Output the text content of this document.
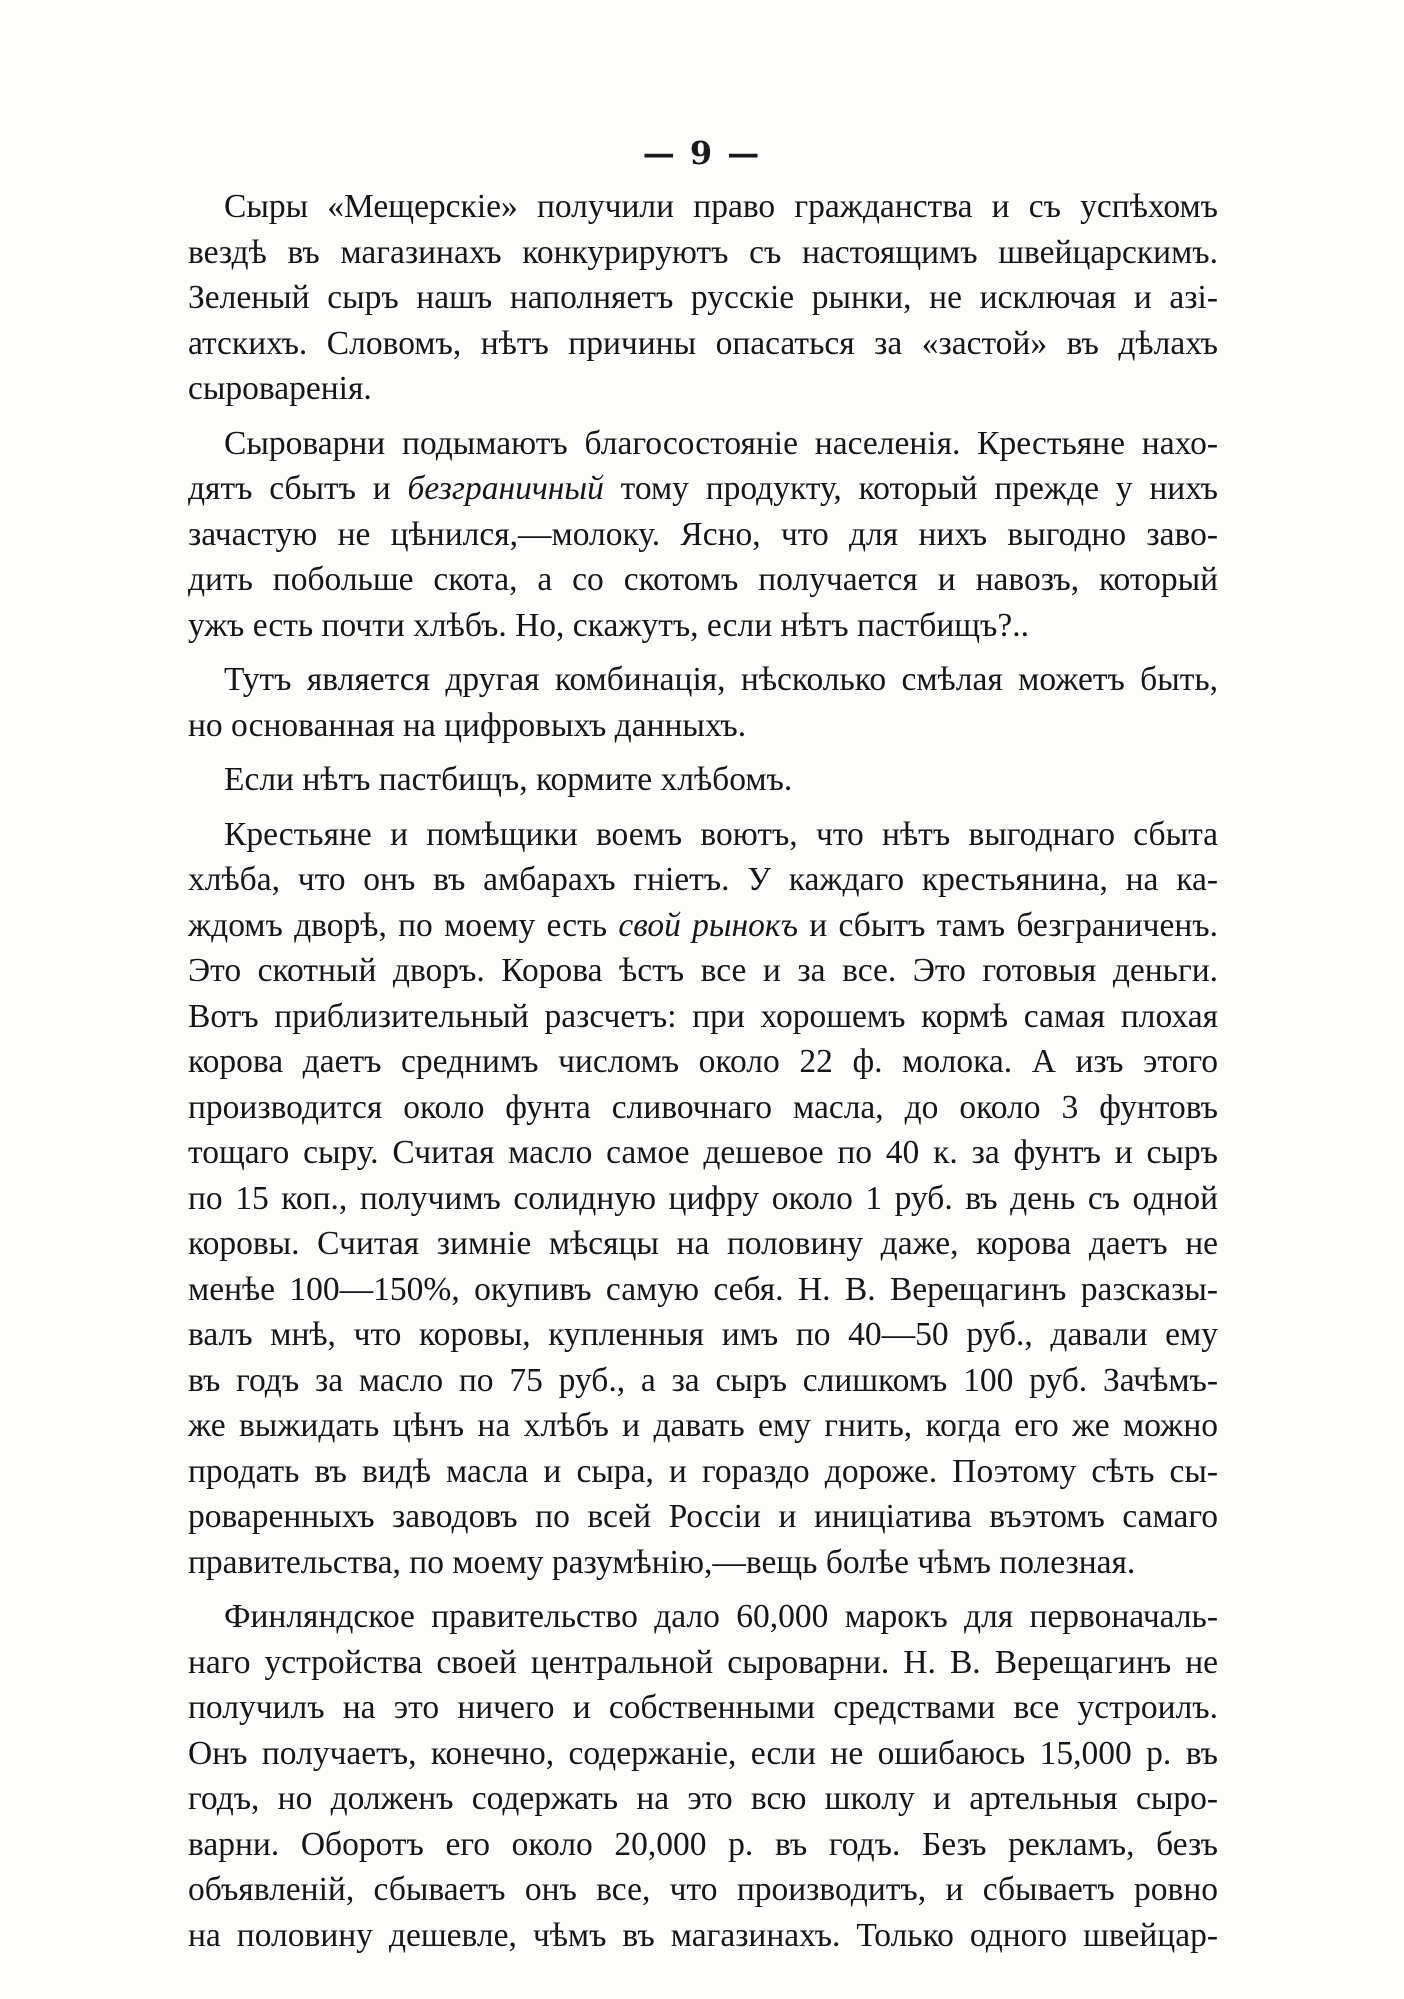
— 9 —
Сыры «Мещерскіе» получили право гражданства и съ успѣхомъ
вездѣ въ магазинахъ конкурируютъ съ настоящимъ швейцарскимъ.
Зеленый сыръ нашъ наполняетъ русскіе рынки, не исключая и азі-
атскихъ. Словомъ, нѣтъ причины опасаться за «застой» въ дѣлахъ
сыроваренія.
Сыроварни подымаютъ благосостояніе населенія. Крестьяне нахо-
дятъ сбытъ и безграничный тому продукту, который прежде у нихъ
зачастую не цѣнился,—молоку. Ясно, что для нихъ выгодно заво-
дить побольше скота, а со скотомъ получается и навозъ, который
ужъ есть почти хлѣбъ. Но, скажутъ, если нѣтъ пастбищъ?..
Тутъ является другая комбинація, нѣсколько смѣлая можетъ быть,
но основанная на цифровыхъ данныхъ.
Если нѣтъ пастбищъ, кормите хлѣбомъ.
Крестьяне и помѣщики воемъ воютъ, что нѣтъ выгоднаго сбыта
хлѣба, что онъ въ амбарахъ гніетъ. У каждаго крестьянина, на ка-
ждомъ дворѣ, по моему есть свой рынокъ и сбытъ тамъ безграниченъ.
Это скотный дворъ. Корова ѣстъ все и за все. Это готовыя деньги.
Вотъ приблизительный разсчетъ: при хорошемъ кормѣ самая плохая
корова даетъ среднимъ числомъ около 22 ф. молока. А изъ этого
производится около фунта сливочнаго масла, до около 3 фунтовъ
тощаго сыру. Считая масло самое дешевое по 40 к. за фунтъ и сыръ
по 15 коп., получимъ солидную цифру около 1 руб. въ день съ одной
коровы. Считая зимніе мѣсяцы на половину даже, корова даетъ не
менѣе 100—150%, окупивъ самую себя. Н. В. Верещагинъ разсказы-
валъ мнѣ, что коровы, купленныя имъ по 40—50 руб., давали ему
въ годъ за масло по 75 руб., а за сыръ слишкомъ 100 руб. Зачѣмъ-
же выжидать цѣнъ на хлѣбъ и давать ему гнить, когда его же можно
продать въ видѣ масла и сыра, и гораздо дороже. Поэтому сѣть сы-
роваренныхъ заводовъ по всей Россіи и иниціатива въэтомъ самаго
правительства, по моему разумѣнію,—вещь болѣе чѣмъ полезная.
Финляндское правительство дало 60,000 марокъ для первоначаль-
наго устройства своей центральной сыроварни. Н. В. Верещагинъ не
получилъ на это ничего и собственными средствами все устроилъ.
Онъ получаетъ, конечно, содержаніе, если не ошибаюсь 15,000 р. въ
годъ, но долженъ содержать на это всю школу и артельныя сыро-
варни. Оборотъ его около 20,000 р. въ годъ. Безъ рекламъ, безъ
объявленій, сбываетъ онъ все, что производитъ, и сбываетъ ровно
на половину дешевле, чѣмъ въ магазинахъ. Только одного швейцар-
